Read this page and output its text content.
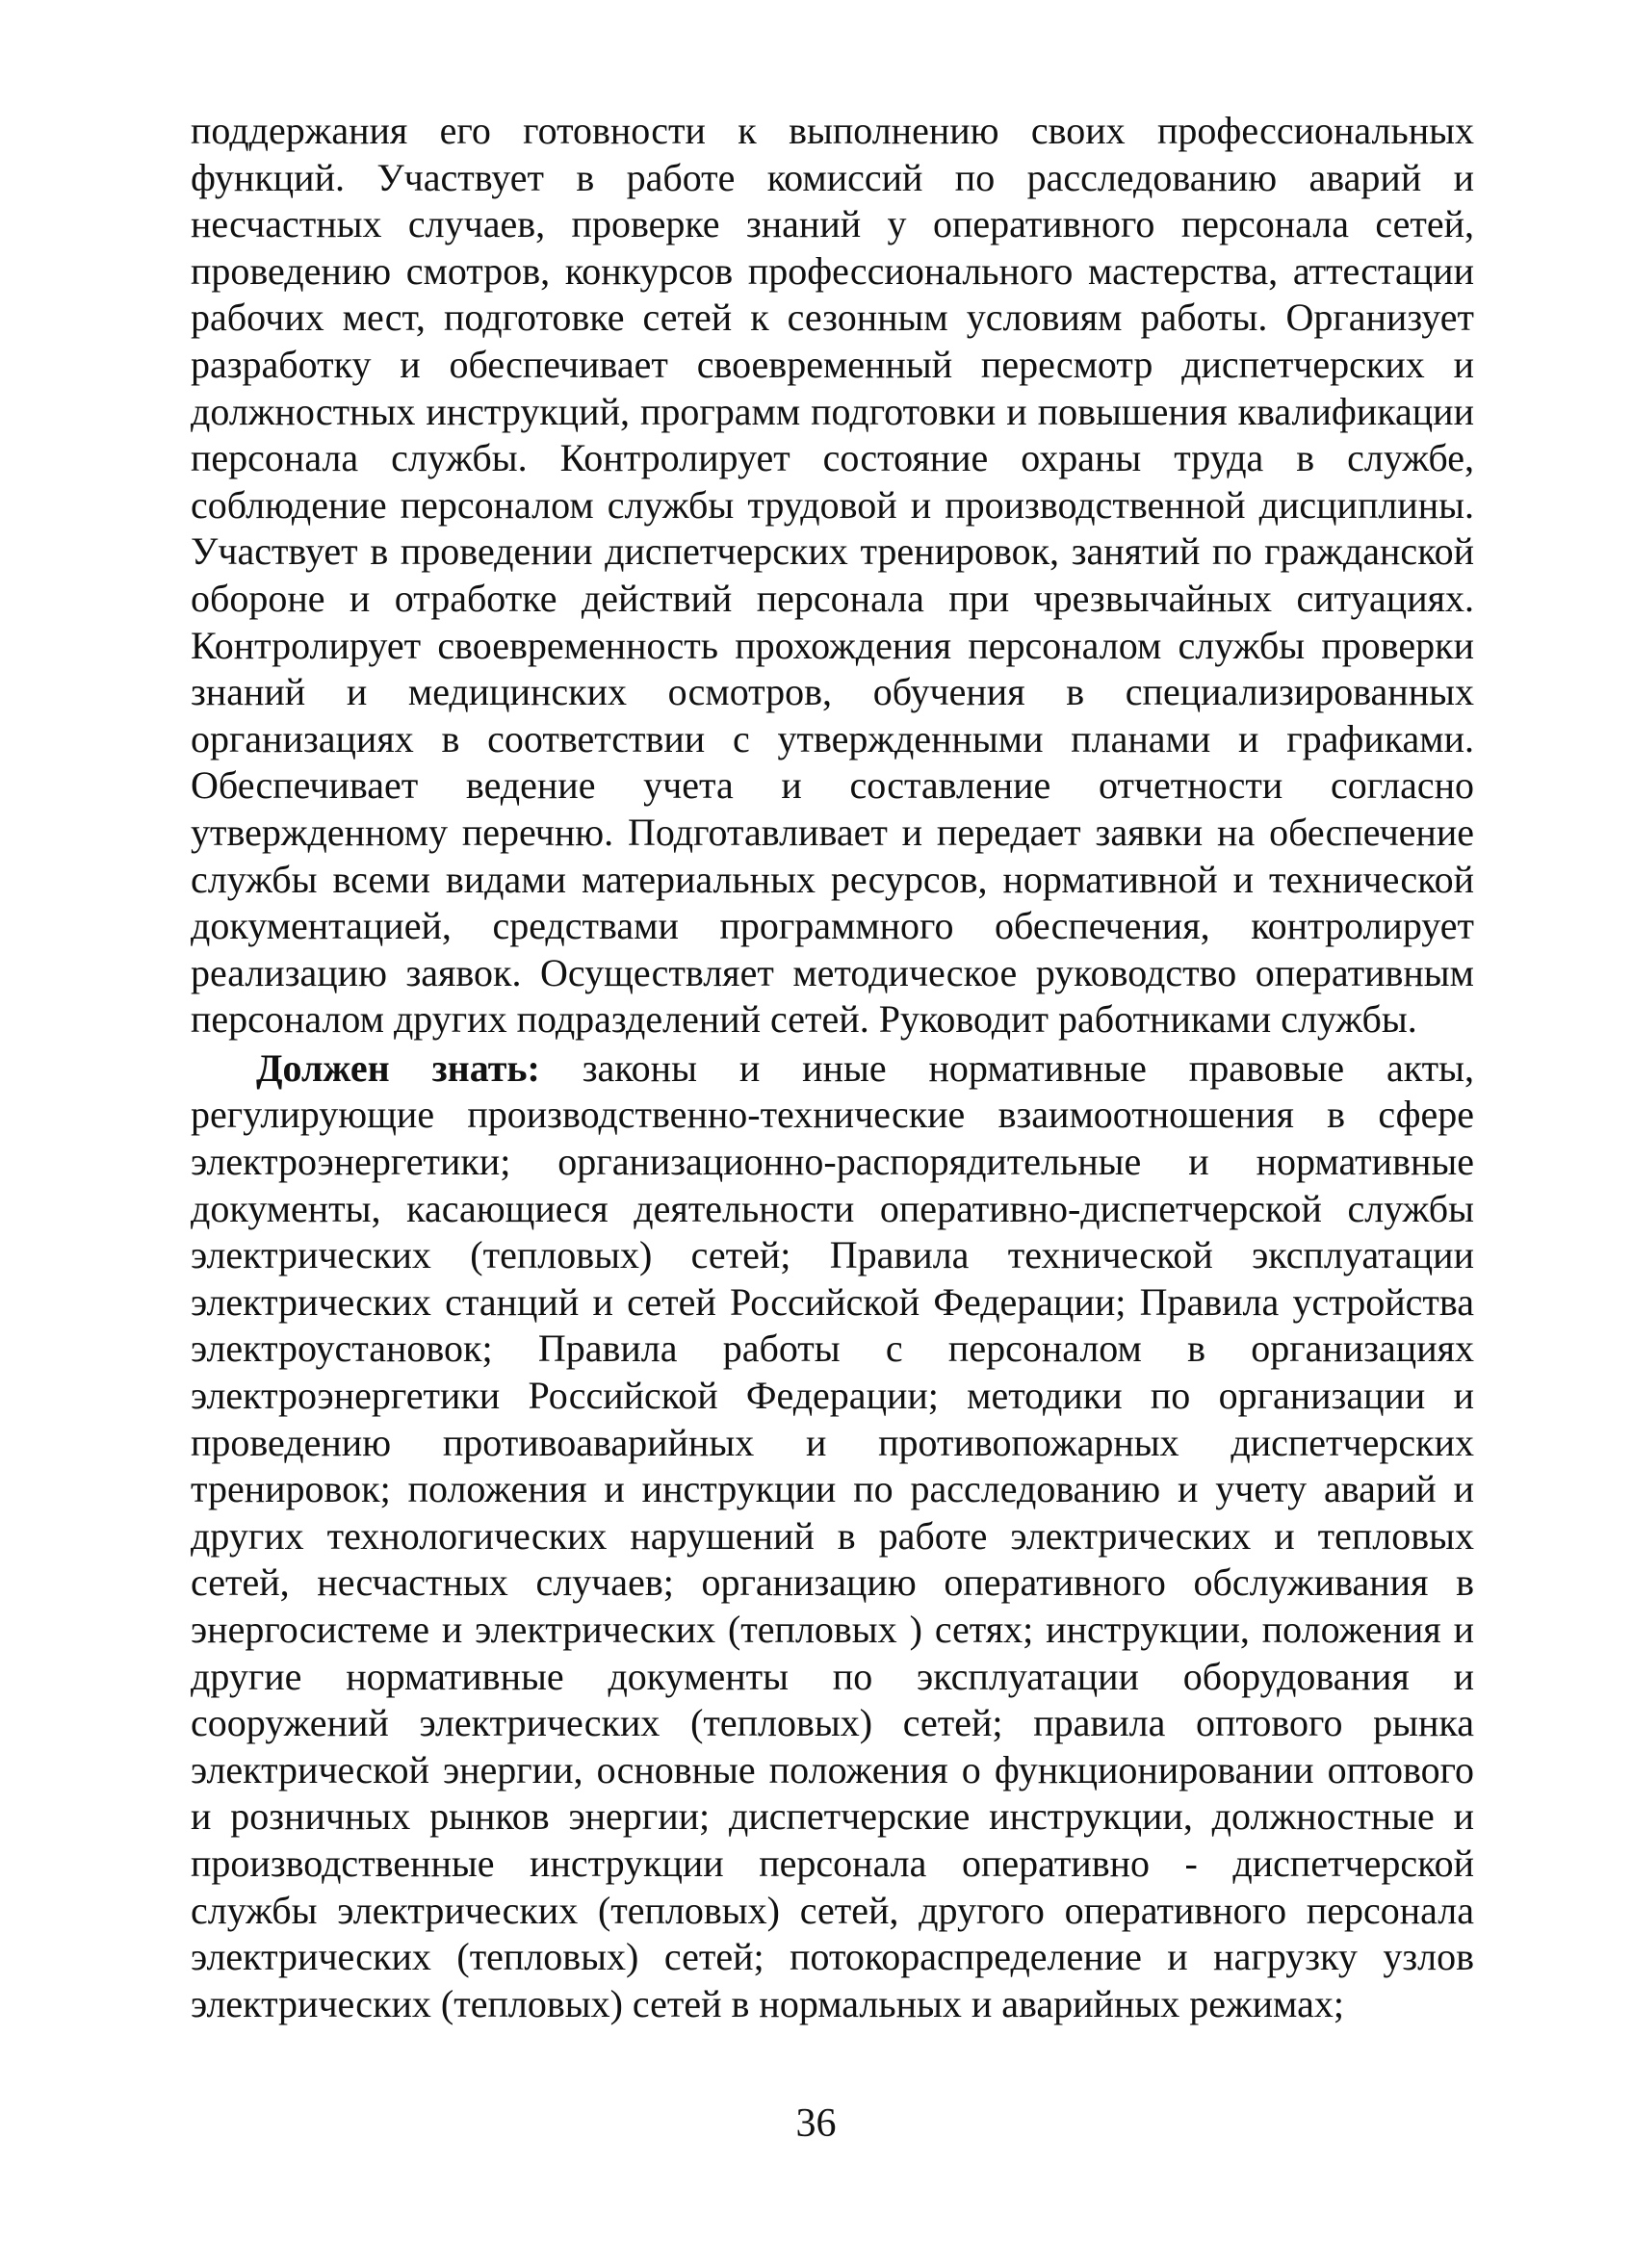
поддержания его готовности к выполнению своих профессиональных функций. Участвует в работе комиссий по расследованию аварий и несчастных случаев, проверке знаний у оперативного персонала сетей, проведению смотров, конкурсов профессионального мастерства, аттестации рабочих мест, подготовке сетей к сезонным условиям работы. Организует разработку и обеспечивает своевременный пересмотр диспетчерских и должностных инструкций, программ подготовки и повышения квалификации персонала службы. Контролирует состояние охраны труда в службе, соблюдение персоналом службы трудовой и производственной дисциплины. Участвует в проведении диспетчерских тренировок, занятий по гражданской обороне и отработке действий персонала при чрезвычайных ситуациях. Контролирует своевременность прохождения персоналом службы проверки знаний и медицинских осмотров, обучения в специализированных организациях в соответствии с утвержденными планами и графиками. Обеспечивает ведение учета и составление отчетности согласно утвержденному перечню. Подготавливает и передает заявки на обеспечение службы всеми видами материальных ресурсов, нормативной и технической документацией, средствами программного обеспечения, контролирует реализацию заявок. Осуществляет методическое руководство оперативным персоналом других подразделений сетей. Руководит работниками службы.

Должен знать: законы и иные нормативные правовые акты, регулирующие производственно-технические взаимоотношения в сфере электроэнергетики; организационно-распорядительные и нормативные документы, касающиеся деятельности оперативно-диспетчерской службы электрических (тепловых) сетей; Правила технической эксплуатации электрических станций и сетей Российской Федерации; Правила устройства электроустановок; Правила работы с персоналом в организациях электроэнергетики Российской Федерации; методики по организации и проведению противоаварийных и противопожарных диспетчерских тренировок; положения и инструкции по расследованию и учету аварий и других технологических нарушений в работе электрических и тепловых сетей, несчастных случаев; организацию оперативного обслуживания в энергосистеме и электрических (тепловых ) сетях; инструкции, положения и другие нормативные документы по эксплуатации оборудования и сооружений электрических (тепловых) сетей; правила оптового рынка электрической энергии, основные положения о функционировании оптового и розничных рынков энергии; диспетчерские инструкции, должностные и производственные инструкции персонала оперативно - диспетчерской службы электрических (тепловых) сетей, другого оперативного персонала электрических (тепловых) сетей; потокораспределение и нагрузку узлов электрических (тепловых) сетей в нормальных и аварийных режимах;

36
